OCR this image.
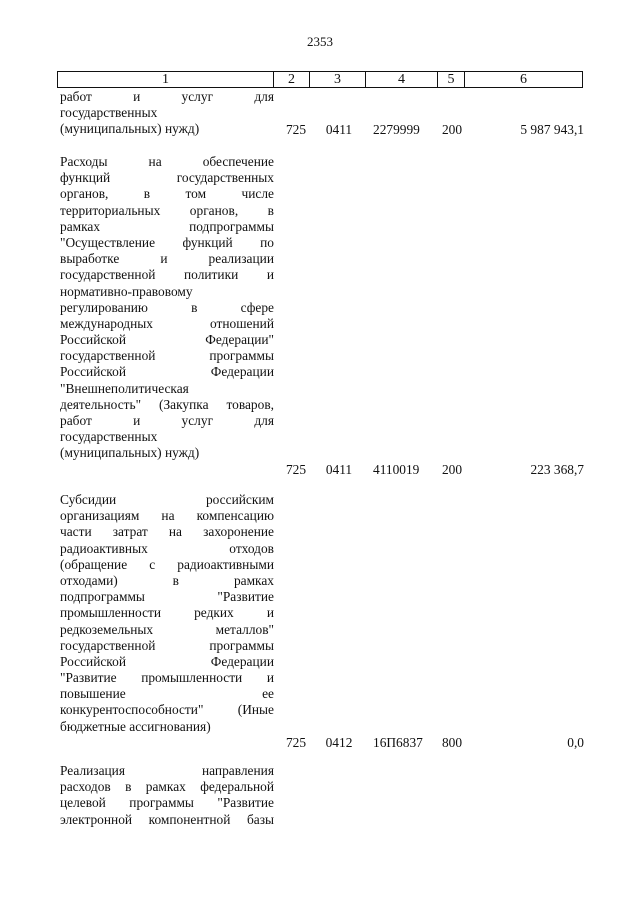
2353
1	2	3	4	5	6
работ и услуг для
государственных
(муниципальных) нужд)	725	0411	2279999	200	5 987 943,1
Расходы на обеспечение
функций государственных
органов, в том числе
территориальных органов, в
рамках подпрограммы
"Осуществление функций по
выработке и реализации
государственной политики и
нормативно-правовому
регулированию в сфере
международных отношений
Российской Федерации"
государственной программы
Российской Федерации
"Внешнеполитическая
деятельность" (Закупка товаров,
работ и услуг для
государственных
(муниципальных) нужд)
725	0411	4110019	200	223 368,7
Субсидии российским
организациям на компенсацию
части затрат на захоронение
радиоактивных отходов
(обращение с радиоактивными
отходами) в рамках
подпрограммы "Развитие
промышленности редких и
редкоземельных металлов"
государственной программы
Российской Федерации
"Развитие промышленности и
повышение ее
конкурентоспособности" (Иные
бюджетные ассигнования)
725	0412	16П6837	800	0,0
Реализация направления
расходов в рамках федеральной
целевой программы "Развитие
электронной компонентной базы
